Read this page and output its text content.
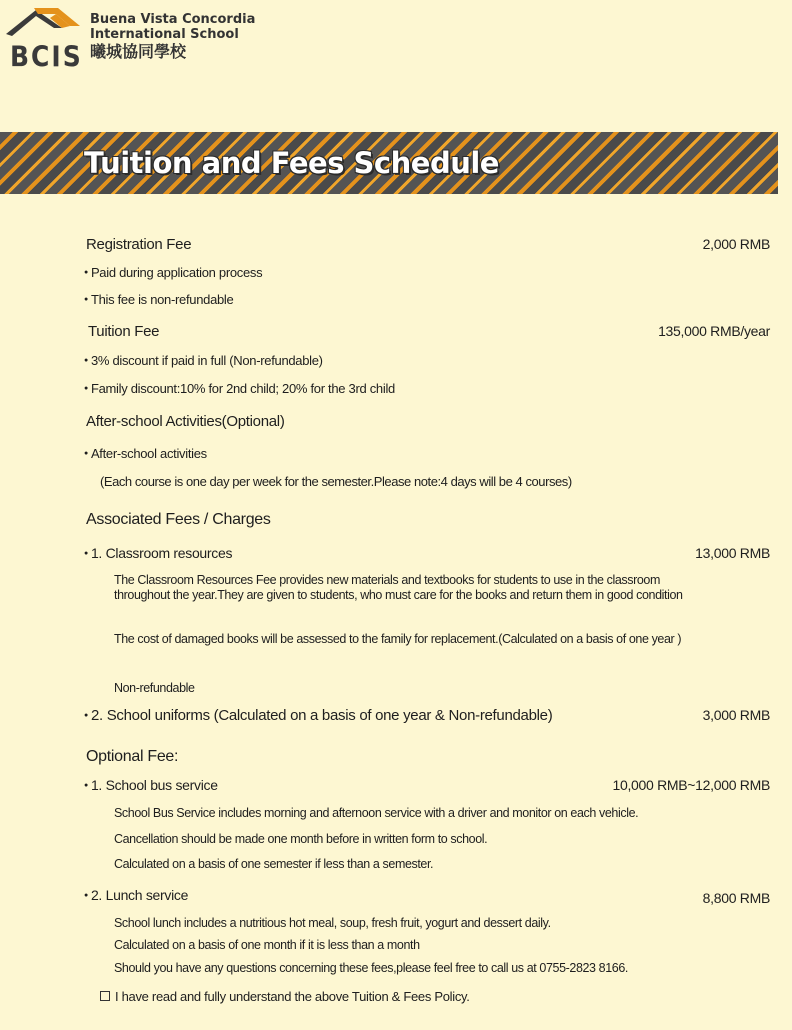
BCIS
Buena Vista Concordia
International School
曦城協同學校
Tuition and Fees Schedule
Registration Fee	2,000 RMB
● Paid during application process
● This fee is non-refundable
Tuition Fee	135,000 RMB/year
● 3% discount if paid in full (Non-refundable)
● Family discount:10% for 2nd child; 20% for the 3rd child
After-school Activities(Optional)
● After-school activities
(Each course is one day per week for the semester.Please note:4 days will be 4 courses)
Associated Fees / Charges
● 1. Classroom resources	13,000 RMB
The Classroom Resources Fee provides new materials and textbooks for students to use in the classroom throughout the year.They are given to students, who must care for the books and return them in good condition
The cost of damaged books will be assessed to the family for replacement.(Calculated on a basis of one year )
Non-refundable
● 2. School uniforms (Calculated on a basis of one year & Non-refundable)	3,000 RMB
Optional Fee:
● 1. School bus service	10,000 RMB~12,000 RMB
School Bus Service includes morning and afternoon service with a driver and monitor on each vehicle.
Cancellation should be made one month before in written form to school.
Calculated on a basis of one semester if less than a semester.
● 2. Lunch service	8,800 RMB
School lunch includes a nutritious hot meal, soup, fresh fruit, yogurt and dessert daily.
Calculated on a basis of one month if it is less than a month
Should you have any questions concerning these fees,please feel free to call us at 0755-2823 8166.
I have read and fully understand the above Tuition & Fees Policy.
